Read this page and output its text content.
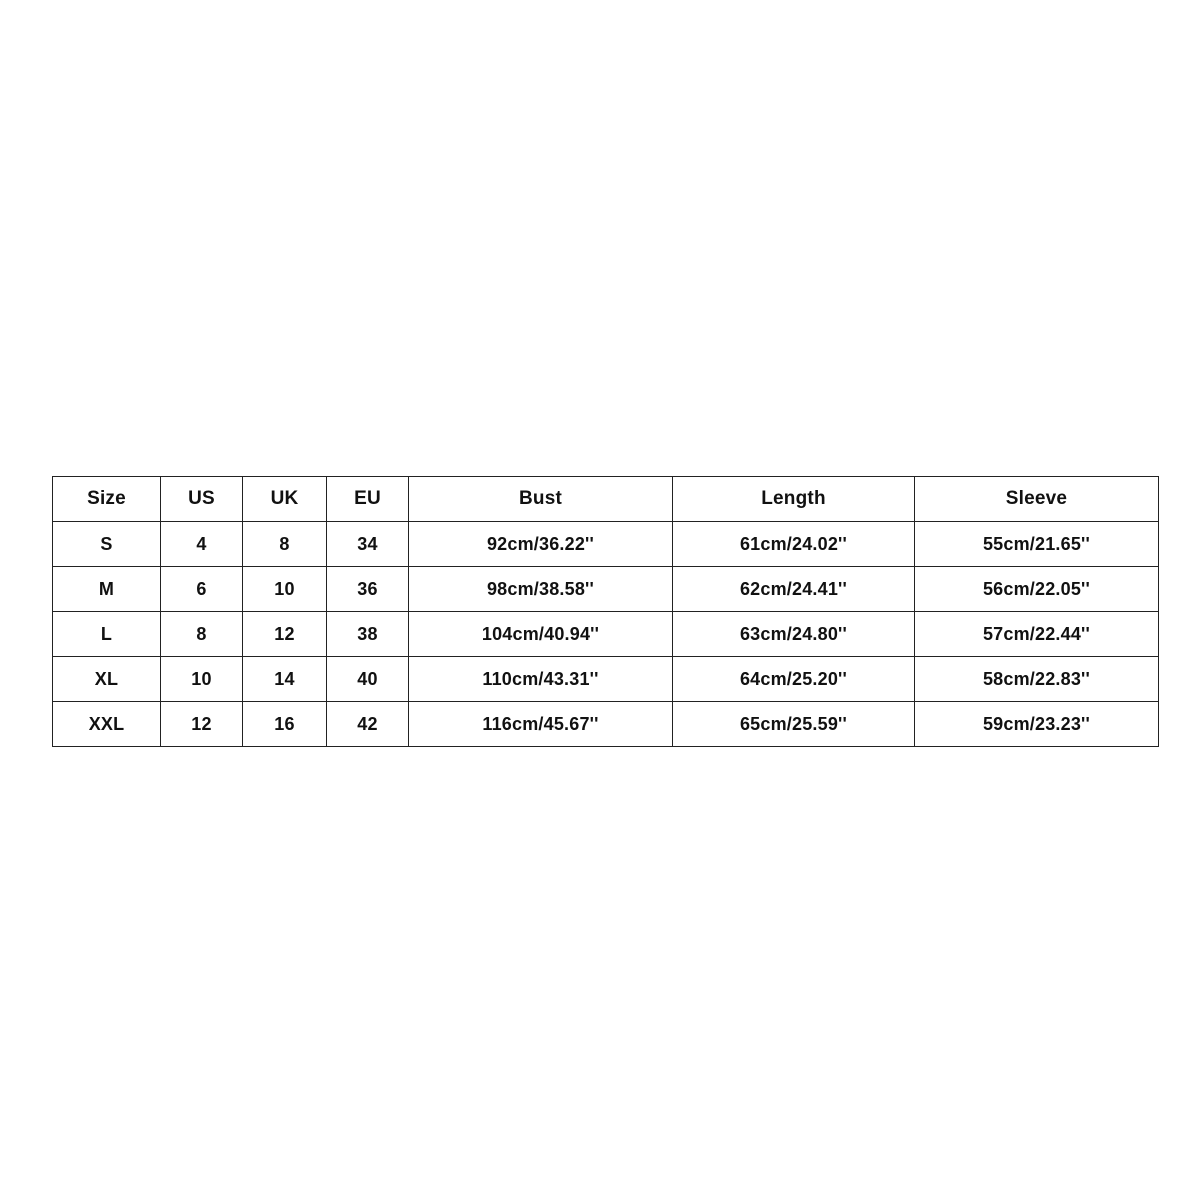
Size	US	UK	EU	Bust	Length	Sleeve
S	4	8	34	92cm/36.22''	61cm/24.02''	55cm/21.65''
M	6	10	36	98cm/38.58''	62cm/24.41''	56cm/22.05''
L	8	12	38	104cm/40.94''	63cm/24.80''	57cm/22.44''
XL	10	14	40	110cm/43.31''	64cm/25.20''	58cm/22.83''
XXL	12	16	42	116cm/45.67''	65cm/25.59''	59cm/23.23''
